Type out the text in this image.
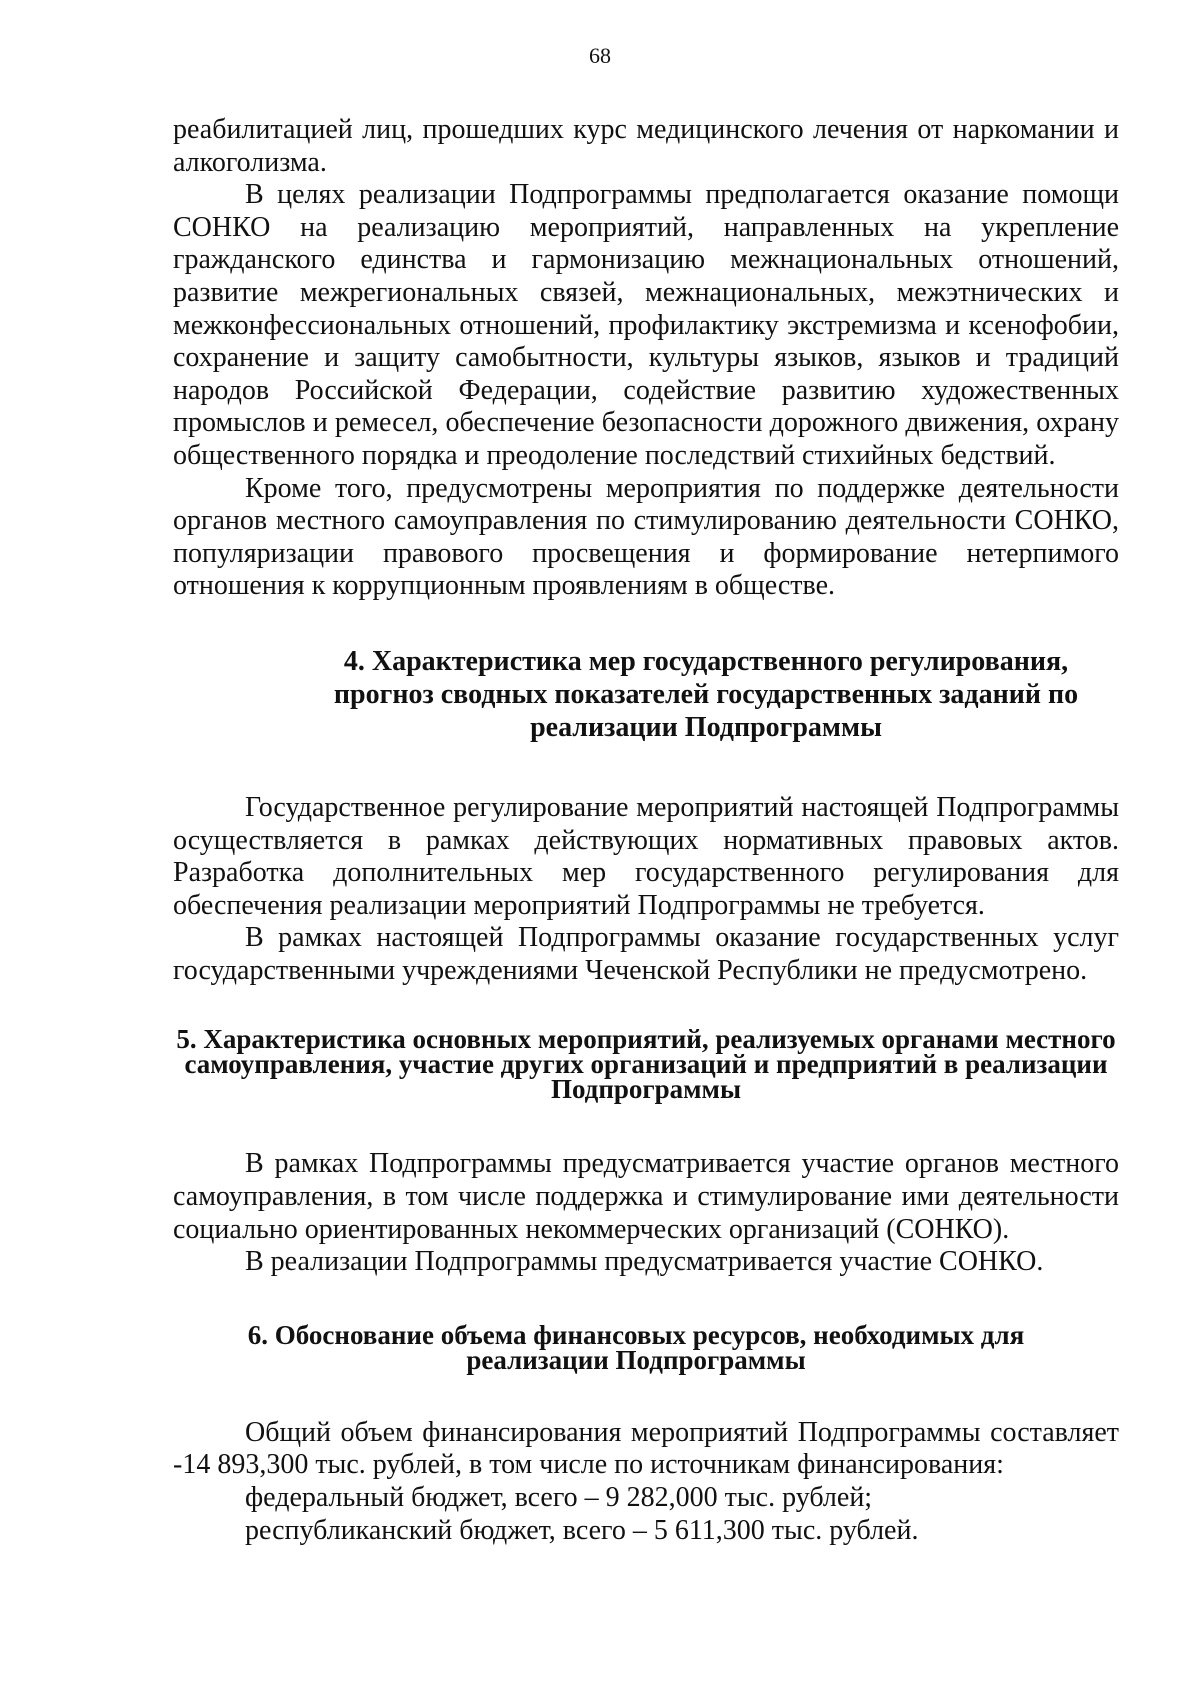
68

реабилитацией лиц, прошедших курс медицинского лечения от наркомании и алкоголизма.

В целях реализации Подпрограммы предполагается оказание помощи СОНКО на реализацию мероприятий, направленных на укрепление гражданского единства и гармонизацию межнациональных отношений, развитие межрегиональных связей, межнациональных, межэтнических и межконфессиональных отношений, профилактику экстремизма и ксенофобии, сохранение и защиту самобытности, культуры языков, языков и традиций народов Российской Федерации, содействие развитию художественных промыслов и ремесел, обеспечение безопасности дорожного движения, охрану общественного порядка и преодоление последствий стихийных бедствий.

Кроме того, предусмотрены мероприятия по поддержке деятельности органов местного самоуправления по стимулированию деятельности СОНКО, популяризации правового просвещения и формирование нетерпимого отношения к коррупционным проявлениям в обществе.

4. Характеристика мер государственного регулирования, прогноз сводных показателей государственных заданий по реализации Подпрограммы

Государственное регулирование мероприятий настоящей Подпрограммы осуществляется в рамках действующих нормативных правовых актов. Разработка дополнительных мер государственного регулирования для обеспечения реализации мероприятий Подпрограммы не требуется.

В рамках настоящей Подпрограммы оказание государственных услуг государственными учреждениями Чеченской Республики не предусмотрено.

5. Характеристика основных мероприятий, реализуемых органами местного самоуправления, участие других организаций и предприятий в реализации Подпрограммы

В рамках Подпрограммы предусматривается участие органов местного самоуправления, в том числе поддержка и стимулирование ими деятельности социально ориентированных некоммерческих организаций (СОНКО).

В реализации Подпрограммы предусматривается участие СОНКО.

6. Обоснование объема финансовых ресурсов, необходимых для реализации Подпрограммы

Общий объем финансирования мероприятий Подпрограммы составляет -14 893,300 тыс. рублей, в том числе по источникам финансирования:

федеральный бюджет, всего – 9 282,000 тыс. рублей;

республиканский бюджет, всего – 5 611,300 тыс. рублей.
